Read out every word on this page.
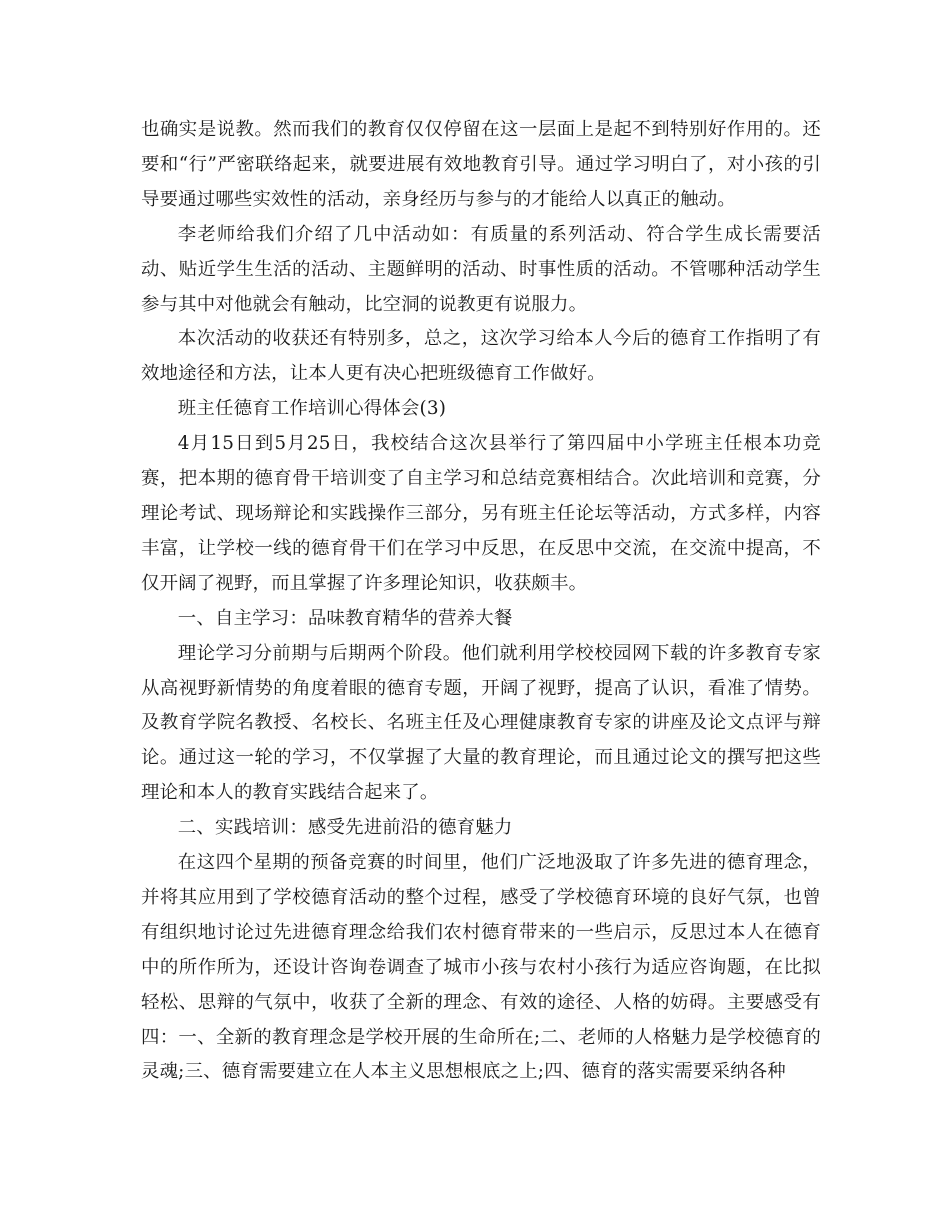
也确实是说教。然而我们的教育仅仅停留在这一层面上是起不到特别好作用的。还要和“行”严密联络起来，就要进展有效地教育引导。通过学习明白了，对小孩的引导要通过哪些实效性的活动，亲身经历与参与的才能给人以真正的触动。

李老师给我们介绍了几中活动如：有质量的系列活动、符合学生成长需要活动、贴近学生生活的活动、主题鲜明的活动、时事性质的活动。不管哪种活动学生参与其中对他就会有触动，比空洞的说教更有说服力。

本次活动的收获还有特别多，总之，这次学习给本人今后的德育工作指明了有效地途径和方法，让本人更有决心把班级德育工作做好。

班主任德育工作培训心得体会(3)

4月15日到5月25日，我校结合这次县举行了第四届中小学班主任根本功竞赛，把本期的德育骨干培训变了自主学习和总结竞赛相结合。次此培训和竞赛，分理论考试、现场辩论和实践操作三部分，另有班主任论坛等活动，方式多样，内容丰富，让学校一线的德育骨干们在学习中反思，在反思中交流，在交流中提高，不仅开阔了视野，而且掌握了许多理论知识，收获颇丰。

一、自主学习：品味教育精华的营养大餐

理论学习分前期与后期两个阶段。他们就利用学校校园网下载的许多教育专家从高视野新情势的角度着眼的德育专题，开阔了视野，提高了认识，看准了情势。及教育学院名教授、名校长、名班主任及心理健康教育专家的讲座及论文点评与辩论。通过这一轮的学习，不仅掌握了大量的教育理论，而且通过论文的撰写把这些理论和本人的教育实践结合起来了。

二、实践培训：感受先进前沿的德育魅力

在这四个星期的预备竞赛的时间里，他们广泛地汲取了许多先进的德育理念，并将其应用到了学校德育活动的整个过程，感受了学校德育环境的良好气氛，也曾有组织地讨论过先进德育理念给我们农村德育带来的一些启示，反思过本人在德育中的所作所为，还设计咨询卷调查了城市小孩与农村小孩行为适应咨询题，在比拟轻松、思辩的气氛中，收获了全新的理念、有效的途径、人格的妨碍。主要感受有四：一、全新的教育理念是学校开展的生命所在;二、老师的人格魅力是学校德育的灵魂;三、德育需要建立在人本主义思想根底之上;四、德育的落实需要采纳各种
